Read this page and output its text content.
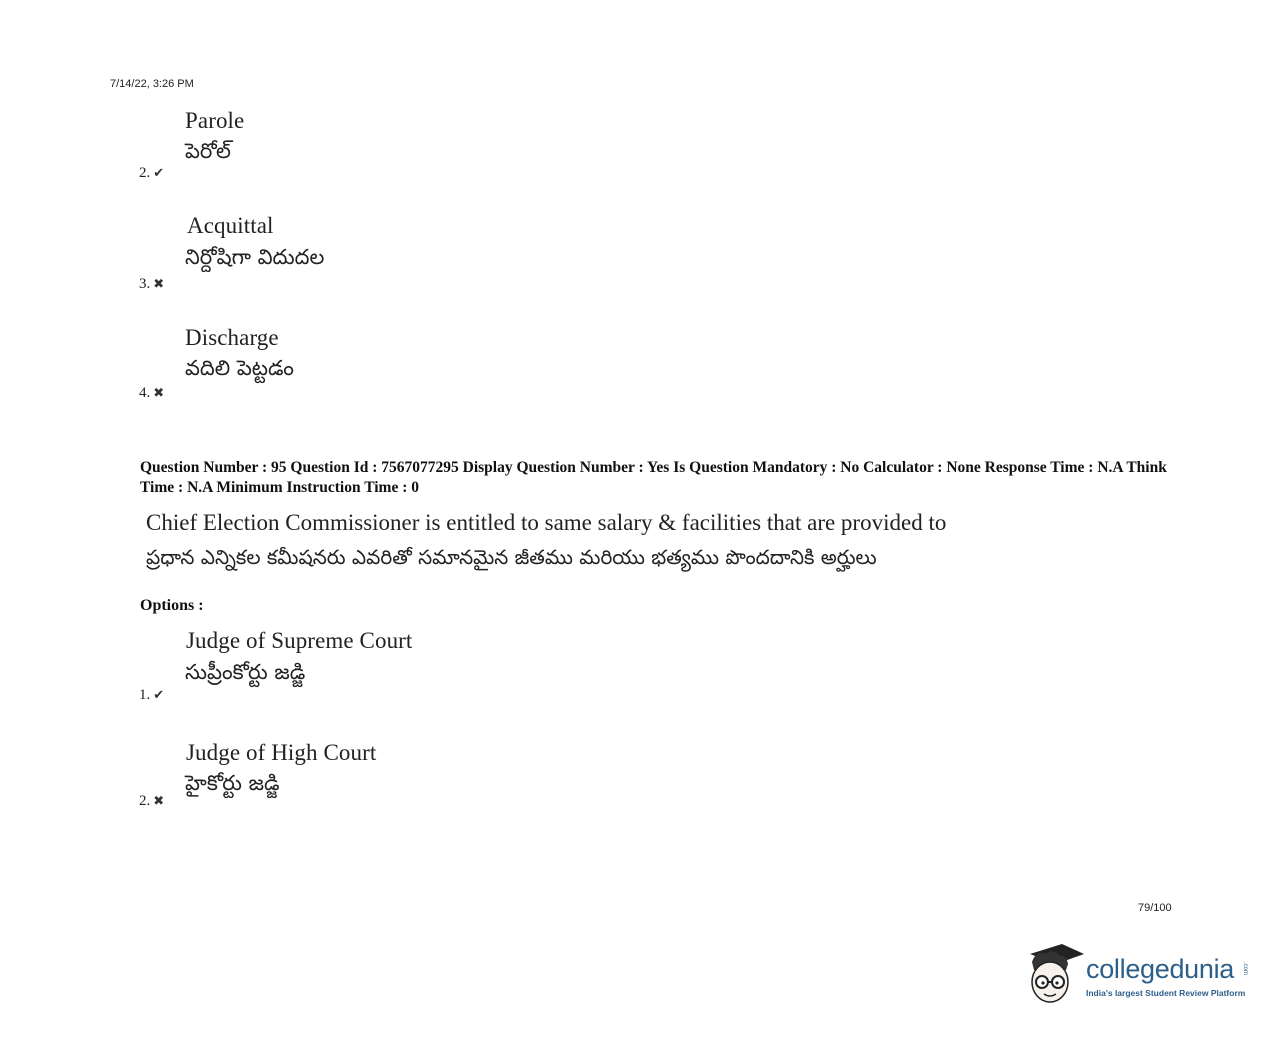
7/14/22, 3:26 PM
Parole
పెరోల్
2. ✔
Acquittal
నిర్దోషిగా విదుదల
3. ✖
Discharge
వదిలి పెట్టడం
4. ✖
Question Number : 95 Question Id : 7567077295 Display Question Number : Yes Is Question Mandatory : No Calculator : None Response Time : N.A Think Time : N.A Minimum Instruction Time : 0
Chief Election Commissioner is entitled to same salary & facilities that are provided to
ప్రధాన ఎన్నికల కమీషనరు ఎవరితో సమానమైన జీతము మరియు భత్యము పొందదానికి అర్హులు
Options :
Judge of Supreme Court
సుప్రీంకోర్టు జడ్జి
1. ✔
Judge of High Court
హైకోర్టు జడ్జి
2. ✖
79/100
collegedunia .com
India's largest Student Review Platform
